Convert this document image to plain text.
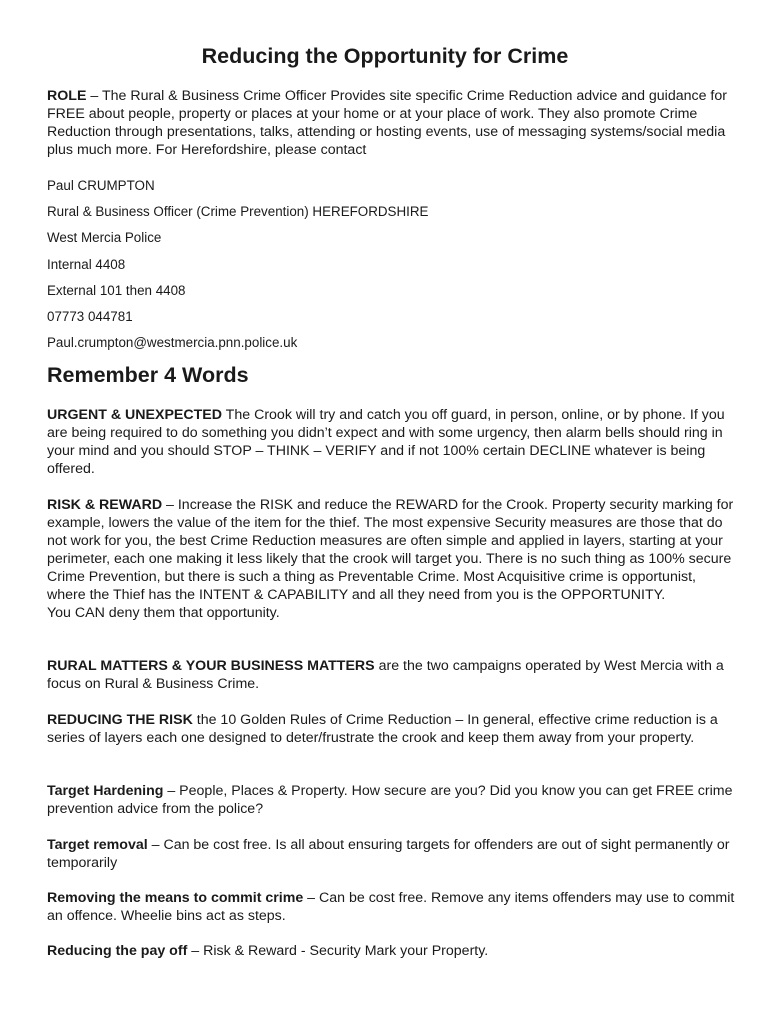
Reducing the Opportunity for Crime

ROLE – The Rural & Business Crime Officer Provides site specific Crime Reduction advice and guidance for FREE about people, property or places at your home or at your place of work. They also promote Crime Reduction through presentations, talks, attending or hosting events, use of messaging systems/social media plus much more. For Herefordshire, please contact

Paul CRUMPTON

Rural & Business Officer (Crime Prevention) HEREFORDSHIRE

West Mercia Police

Internal 4408

External 101 then 4408

07773 044781

Paul.crumpton@westmercia.pnn.police.uk

Remember 4 Words

URGENT & UNEXPECTED The Crook will try and catch you off guard, in person, online, or by phone. If you are being required to do something you didn’t expect and with some urgency, then alarm bells should ring in your mind and you should STOP – THINK – VERIFY and if not 100% certain DECLINE whatever is being offered.

RISK & REWARD – Increase the RISK and reduce the REWARD for the Crook. Property security marking for example, lowers the value of the item for the thief. The most expensive Security measures are those that do not work for you, the best Crime Reduction measures are often simple and applied in layers, starting at your perimeter, each one making it less likely that the crook will target you. There is no such thing as 100% secure Crime Prevention, but there is such a thing as Preventable Crime. Most Acquisitive crime is opportunist, where the Thief has the INTENT & CAPABILITY and all they need from you is the OPPORTUNITY.
You CAN deny them that opportunity.

RURAL MATTERS & YOUR BUSINESS MATTERS are the two campaigns operated by West Mercia with a focus on Rural & Business Crime.

REDUCING THE RISK the 10 Golden Rules of Crime Reduction – In general, effective crime reduction is a series of layers each one designed to deter/frustrate the crook and keep them away from your property.

Target Hardening – People, Places & Property. How secure are you? Did you know you can get FREE crime prevention advice from the police?

Target removal – Can be cost free. Is all about ensuring targets for offenders are out of sight permanently or temporarily

Removing the means to commit crime – Can be cost free. Remove any items offenders may use to commit an offence. Wheelie bins act as steps.

Reducing the pay off – Risk & Reward - Security Mark your Property.
